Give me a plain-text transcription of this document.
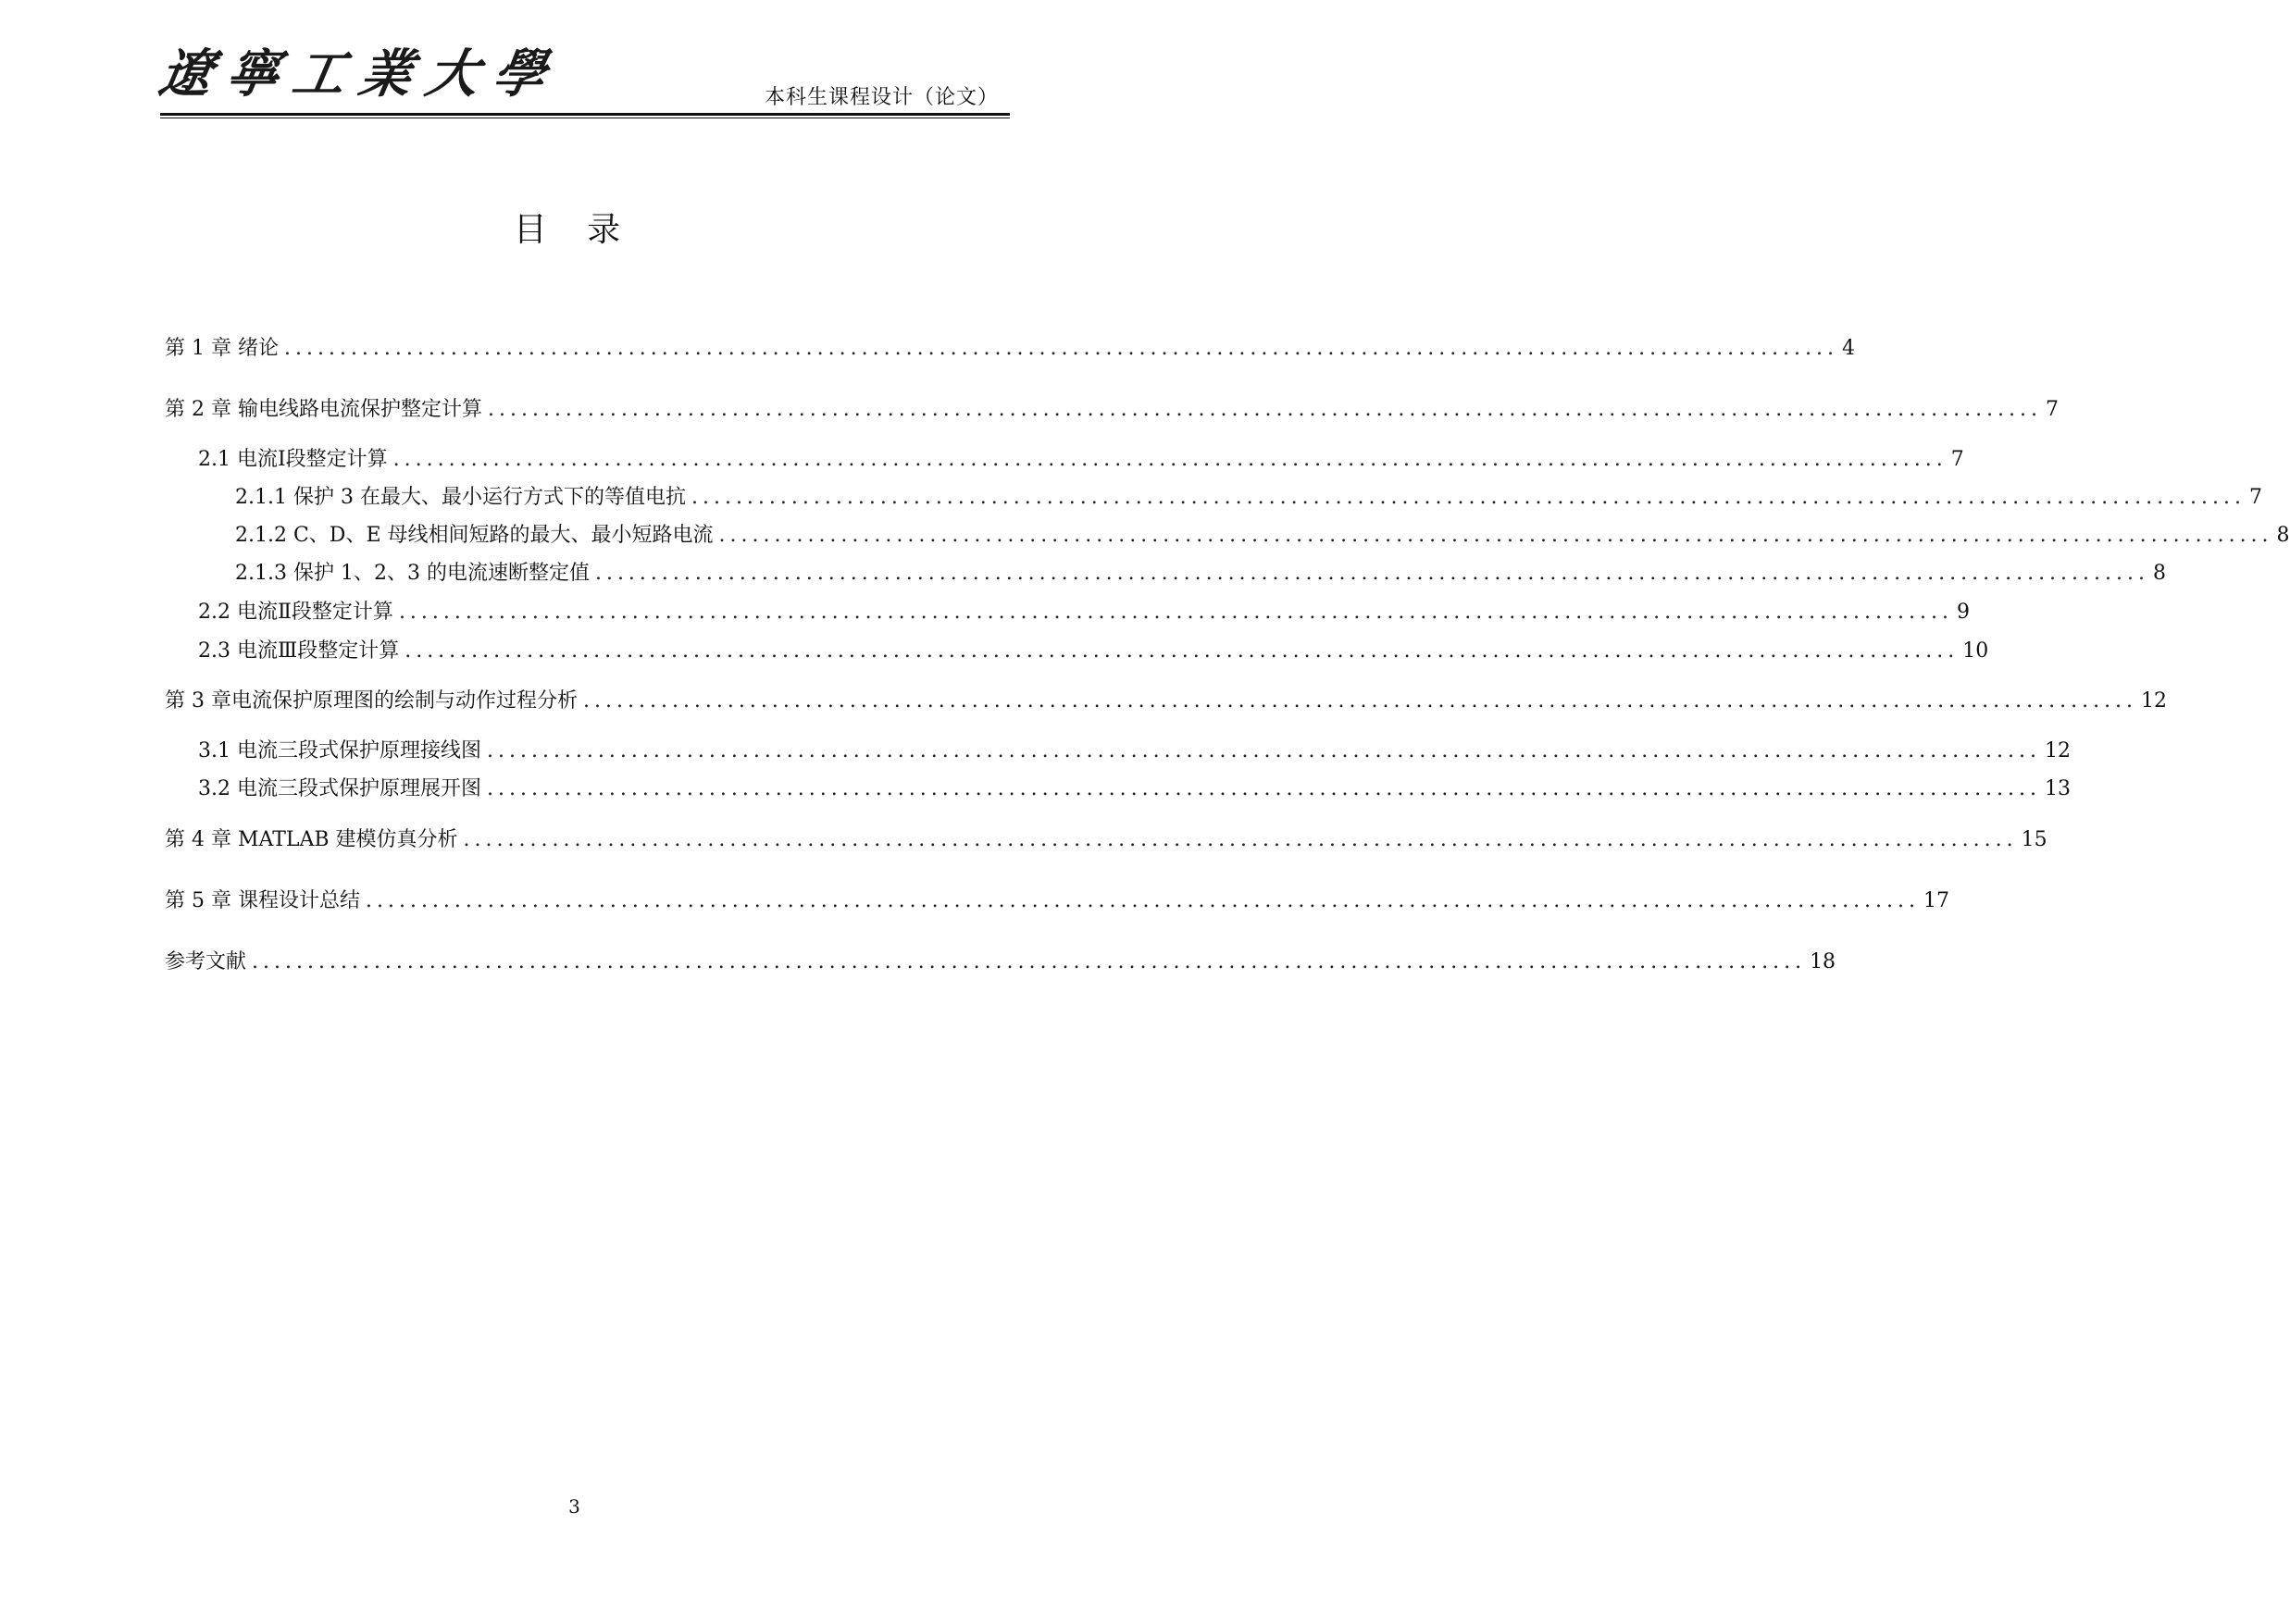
遼寧工業大學	本科生课程设计（论文）
目 录
第 1 章 绪论 ............................................................................................................................................ 4
第 2 章 输电线路电流保护整定计算 ............................................................................................................................................ 7
2.1 电流Ⅰ段整定计算 ............................................................................................................................................ 7
2.1.1 保护 3 在最大、最小运行方式下的等值电抗 ............................................................................................................................................ 7
2.1.2 C、D、E 母线相间短路的最大、最小短路电流 ............................................................................................................................................ 8
2.1.3 保护 1、2、3 的电流速断整定值 ............................................................................................................................................ 8
2.2 电流Ⅱ段整定计算 ............................................................................................................................................ 9
2.3 电流Ⅲ段整定计算 ............................................................................................................................................ 10
第 3 章电流保护原理图的绘制与动作过程分析 ............................................................................................................................................ 12
3.1 电流三段式保护原理接线图 ............................................................................................................................................ 12
3.2 电流三段式保护原理展开图 ............................................................................................................................................ 13
第 4 章 MATLAB 建模仿真分析 ............................................................................................................................................ 15
第 5 章 课程设计总结 ............................................................................................................................................ 17
参考文献 ............................................................................................................................................ 18
3
